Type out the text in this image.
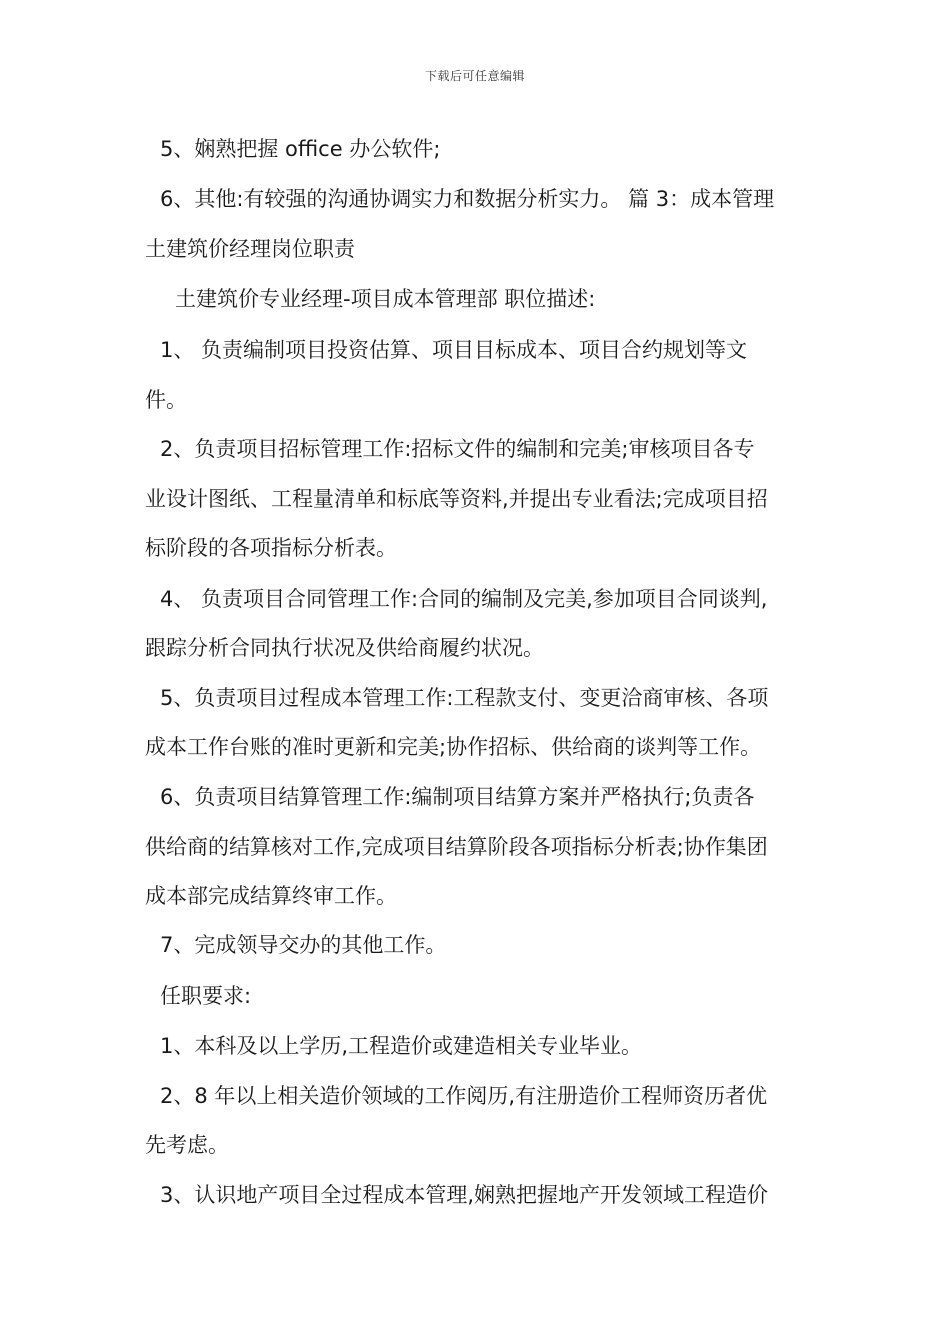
下载后可任意编辑
5、娴熟把握 office 办公软件;
6、其他:有较强的沟通协调实力和数据分析实力。 篇 3：成本管理
土建筑价经理岗位职责
土建筑价专业经理-项目成本管理部 职位描述:
1、 负责编制项目投资估算、项目目标成本、项目合约规划等文
件。
2、负责项目招标管理工作:招标文件的编制和完美;审核项目各专
业设计图纸、工程量清单和标底等资料,并提出专业看法;完成项目招
标阶段的各项指标分析表。
4、 负责项目合同管理工作:合同的编制及完美,参加项目合同谈判,
跟踪分析合同执行状况及供给商履约状况。
5、负责项目过程成本管理工作:工程款支付、变更洽商审核、各项
成本工作台账的准时更新和完美;协作招标、供给商的谈判等工作。
6、负责项目结算管理工作:编制项目结算方案并严格执行;负责各
供给商的结算核对工作,完成项目结算阶段各项指标分析表;协作集团
成本部完成结算终审工作。
7、完成领导交办的其他工作。
任职要求:
1、本科及以上学历,工程造价或建造相关专业毕业。
2、8 年以上相关造价领域的工作阅历,有注册造价工程师资历者优
先考虑。
3、认识地产项目全过程成本管理,娴熟把握地产开发领域工程造价
